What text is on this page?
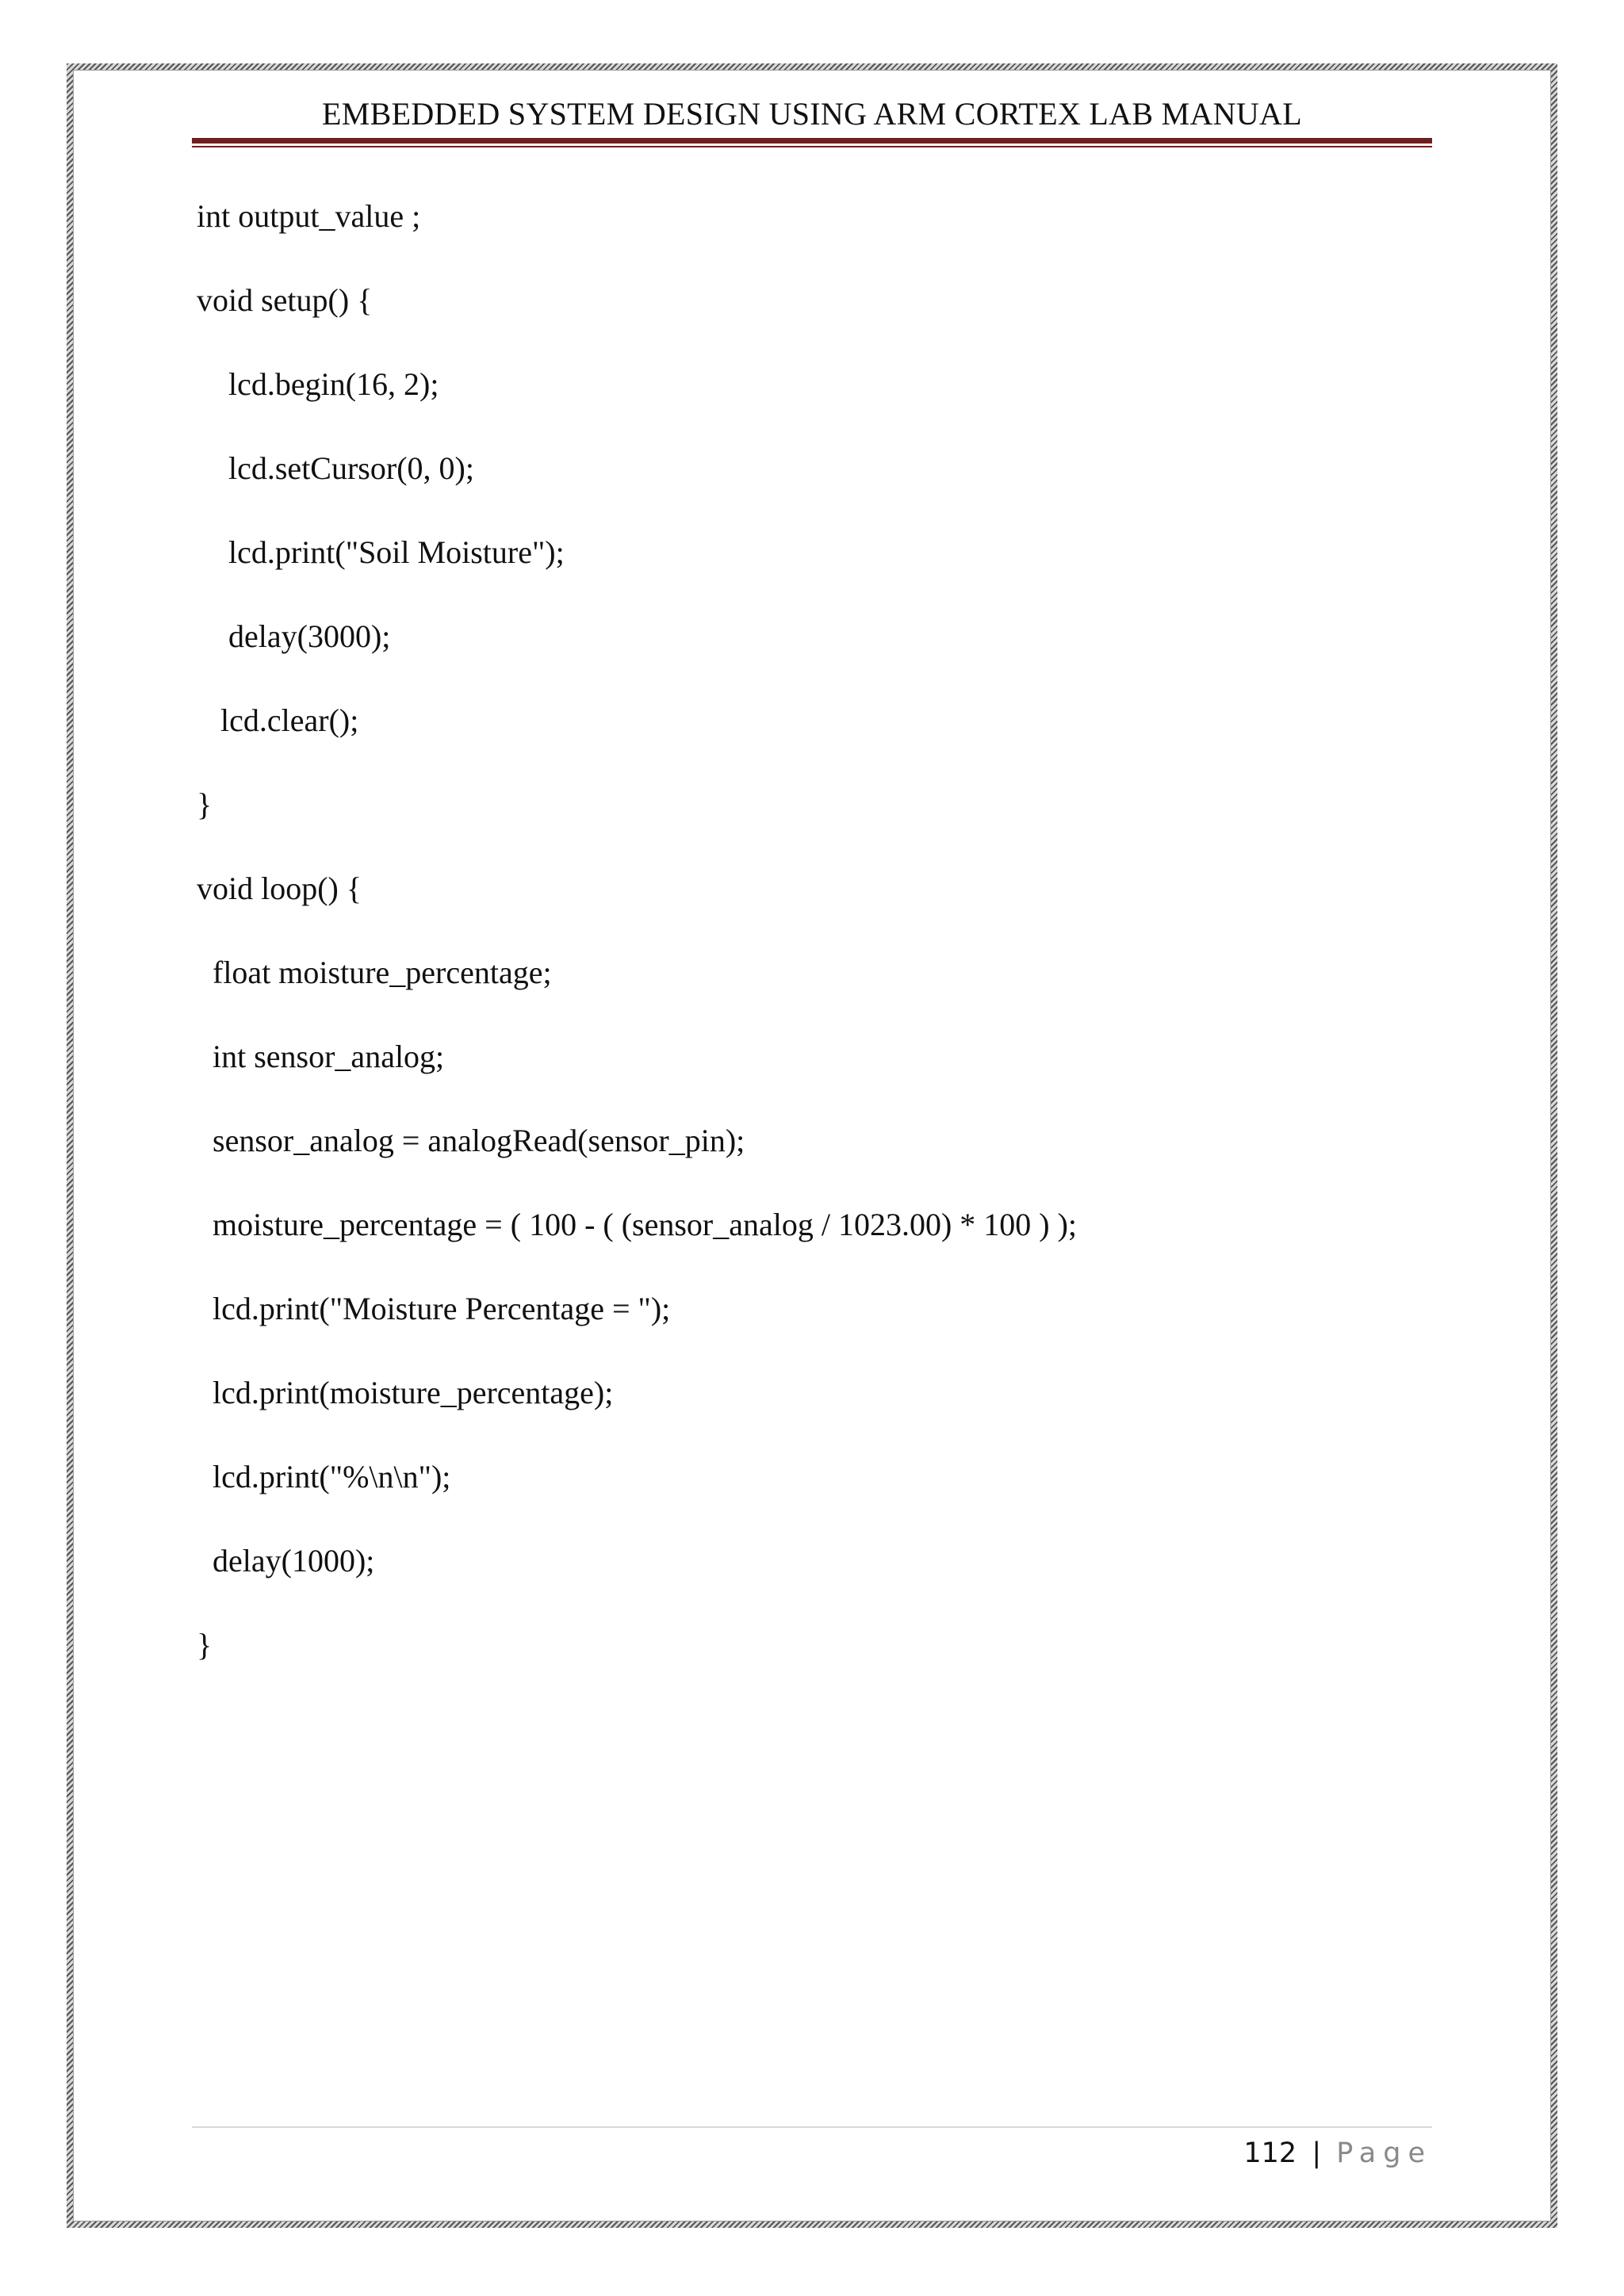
EMBEDDED SYSTEM DESIGN USING ARM CORTEX LAB MANUAL
int output_value ;
void setup() {
lcd.begin(16, 2);
lcd.setCursor(0, 0);
lcd.print("Soil Moisture");
delay(3000);
lcd.clear();
}
void loop() {
float moisture_percentage;
int sensor_analog;
sensor_analog = analogRead(sensor_pin);
moisture_percentage = ( 100 - ( (sensor_analog / 1023.00) * 100 ) );
lcd.print("Moisture Percentage = ");
lcd.print(moisture_percentage);
lcd.print("%\n\n");
delay(1000);
}
112 | Page
